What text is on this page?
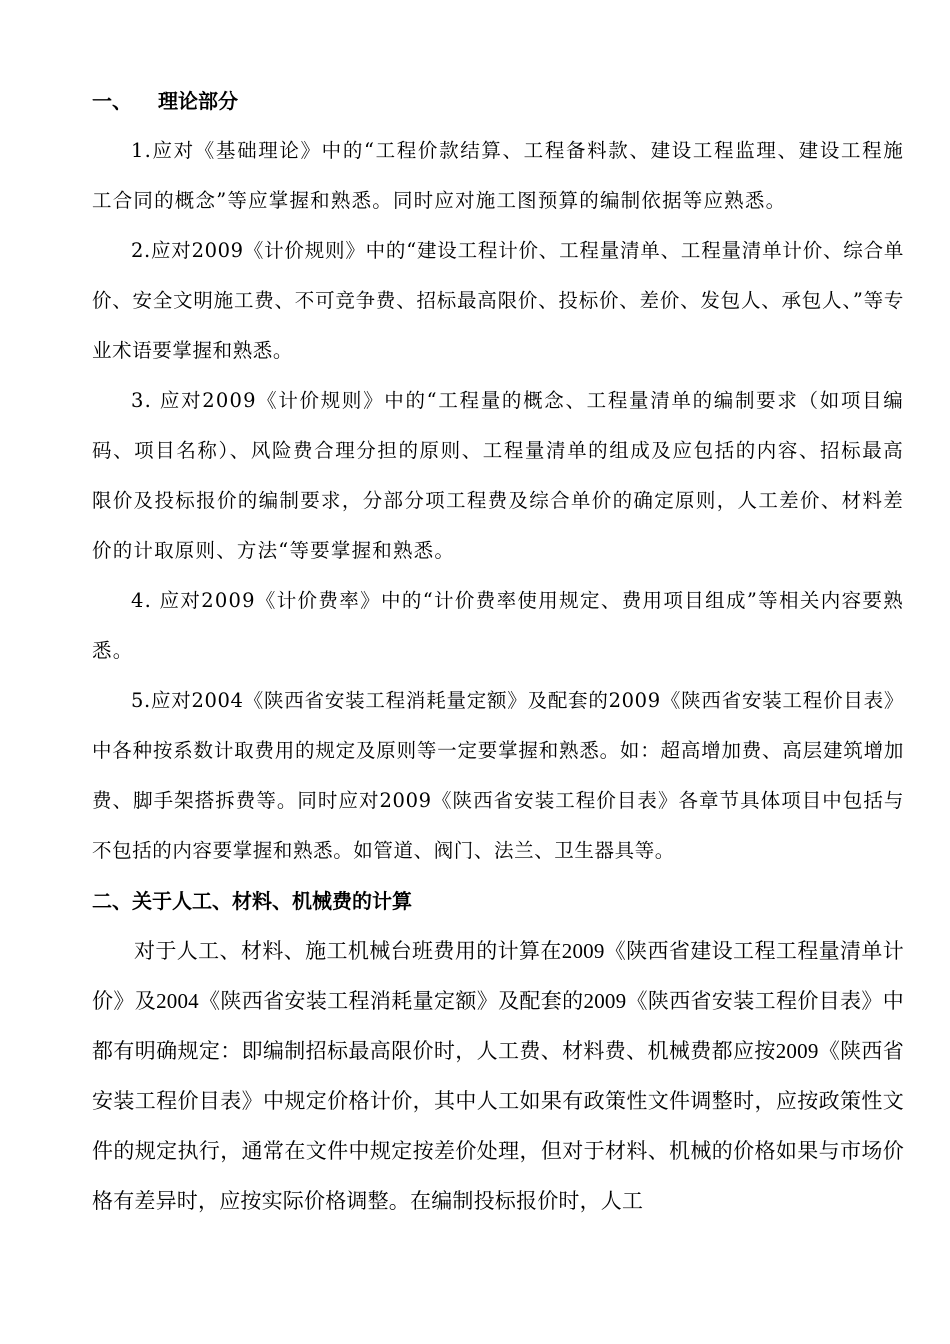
一、 理论部分

1.应对《基础理论》中的“工程价款结算、工程备料款、建设工程监理、建设工程施工合同的概念”等应掌握和熟悉。同时应对施工图预算的编制依据等应熟悉。

2.应对2009《计价规则》中的“建设工程计价、工程量清单、工程量清单计价、综合单价、安全文明施工费、不可竞争费、招标最高限价、投标价、差价、发包人、承包人、”等专业术语要掌握和熟悉。

3. 应对2009《计价规则》中的“工程量的概念、工程量清单的编制要求（如项目编码、项目名称）、风险费合理分担的原则、工程量清单的组成及应包括的内容、招标最高限价及投标报价的编制要求，分部分项工程费及综合单价的确定原则，人工差价、材料差价的计取原则、方法“等要掌握和熟悉。

4. 应对2009《计价费率》中的“计价费率使用规定、费用项目组成”等相关内容要熟悉。

5.应对2004《陕西省安装工程消耗量定额》及配套的2009《陕西省安装工程价目表》中各种按系数计取费用的规定及原则等一定要掌握和熟悉。如：超高增加费、高层建筑增加费、脚手架搭拆费等。同时应对2009《陕西省安装工程价目表》各章节具体项目中包括与不包括的内容要掌握和熟悉。如管道、阀门、法兰、卫生器具等。

二、关于人工、材料、机械费的计算

对于人工、材料、施工机械台班费用的计算在2009《陕西省建设工程工程量清单计价》及2004《陕西省安装工程消耗量定额》及配套的2009《陕西省安装工程价目表》中都有明确规定：即编制招标最高限价时，人工费、材料费、机械费都应按2009《陕西省安装工程价目表》中规定价格计价，其中人工如果有政策性文件调整时，应按政策性文件的规定执行，通常在文件中规定按差价处理，但对于材料、机械的价格如果与市场价格有差异时，应按实际价格调整。在编制投标报价时，人工
